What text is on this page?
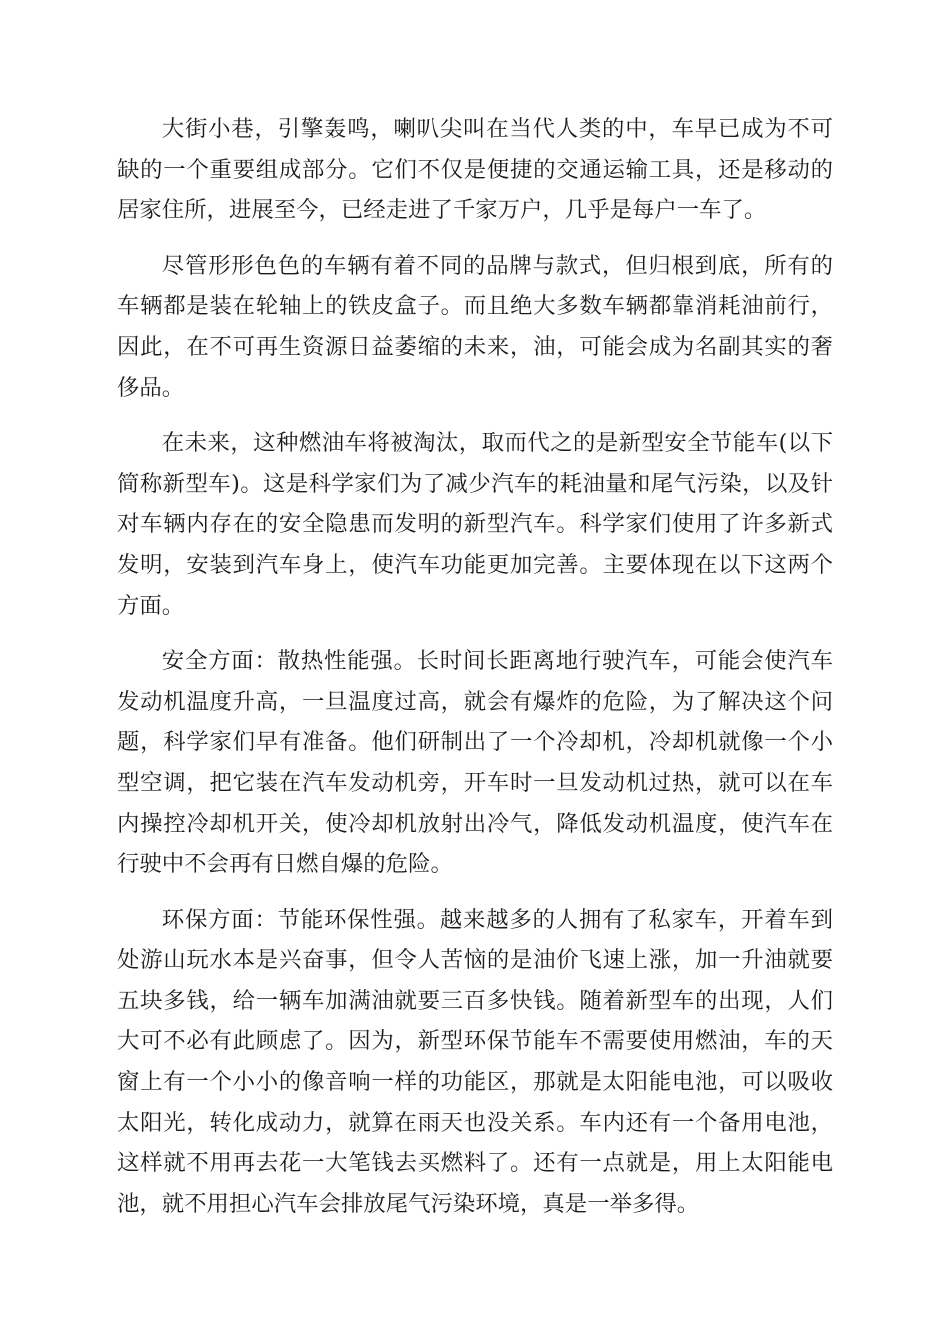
大街小巷，引擎轰鸣，喇叭尖叫在当代人类的中，车早已成为不可缺的一个重要组成部分。它们不仅是便捷的交通运输工具，还是移动的居家住所，进展至今，已经走进了千家万户，几乎是每户一车了。

尽管形形色色的车辆有着不同的品牌与款式，但归根到底，所有的车辆都是装在轮轴上的铁皮盒子。而且绝大多数车辆都靠消耗油前行，因此，在不可再生资源日益萎缩的未来，油，可能会成为名副其实的奢侈品。

在未来，这种燃油车将被淘汰，取而代之的是新型安全节能车(以下简称新型车)。这是科学家们为了减少汽车的耗油量和尾气污染，以及针对车辆内存在的安全隐患而发明的新型汽车。科学家们使用了许多新式发明，安装到汽车身上，使汽车功能更加完善。主要体现在以下这两个方面。

安全方面：散热性能强。长时间长距离地行驶汽车，可能会使汽车发动机温度升高，一旦温度过高，就会有爆炸的危险，为了解决这个问题，科学家们早有准备。他们研制出了一个冷却机，冷却机就像一个小型空调，把它装在汽车发动机旁，开车时一旦发动机过热，就可以在车内操控冷却机开关，使冷却机放射出冷气，降低发动机温度，使汽车在行驶中不会再有日燃自爆的危险。

环保方面：节能环保性强。越来越多的人拥有了私家车，开着车到处游山玩水本是兴奋事，但令人苦恼的是油价飞速上涨，加一升油就要五块多钱，给一辆车加满油就要三百多快钱。随着新型车的出现，人们大可不必有此顾虑了。因为，新型环保节能车不需要使用燃油，车的天窗上有一个小小的像音响一样的功能区，那就是太阳能电池，可以吸收太阳光，转化成动力，就算在雨天也没关系。车内还有一个备用电池，这样就不用再去花一大笔钱去买燃料了。还有一点就是，用上太阳能电池，就不用担心汽车会排放尾气污染环境，真是一举多得。
